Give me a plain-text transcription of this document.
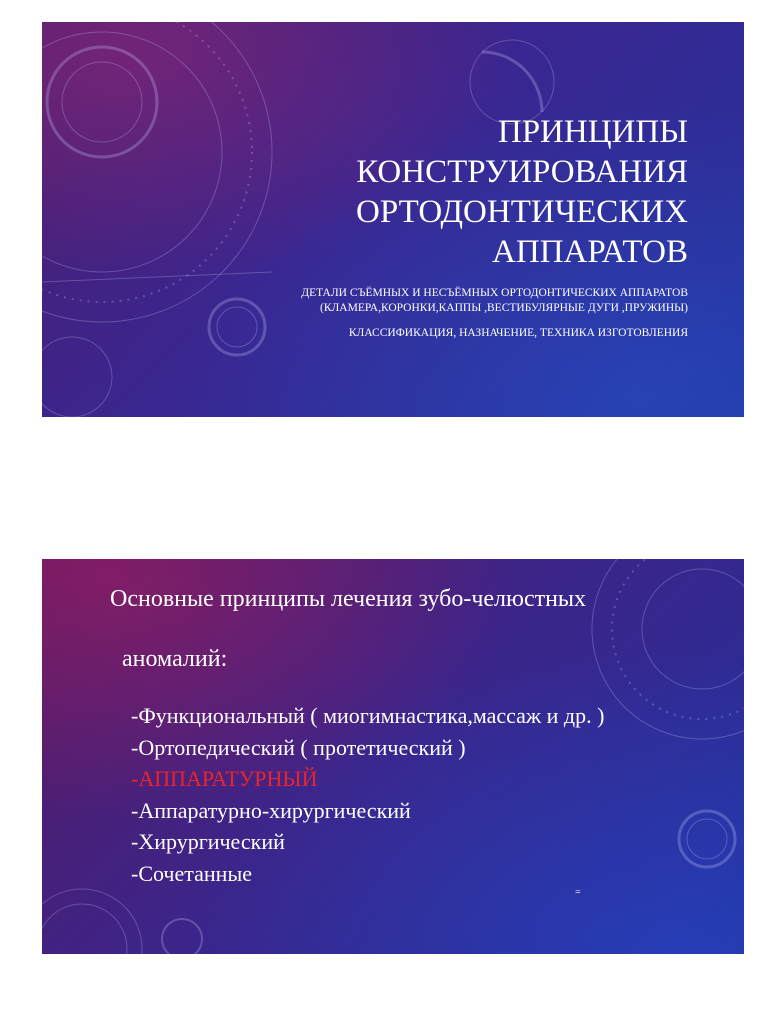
ПРИНЦИПЫ
КОНСТРУИРОВАНИЯ
ОРТОДОНТИЧЕСКИХ
АППАРАТОВ
ДЕТАЛИ СЪЁМНЫХ И НЕСЪЁМНЫХ ОРТОДОНТИЧЕСКИХ АППАРАТОВ (КЛАМЕРА,КОРОНКИ,КАППЫ ,ВЕСТИБУЛЯРНЫЕ ДУГИ ,ПРУЖИНЫ)
КЛАССИФИКАЦИЯ, НАЗНАЧЕНИЕ, ТЕХНИКА ИЗГОТОВЛЕНИЯ
Основные принципы лечения зубо-челюстных
аномалий:
-Функциональный ( миогимнастика,массаж и др. )
-Ортопедический ( протетический )
-АППАРАТУРНЫЙ
-Аппаратурно-хирургический
-Хирургический
-Сочетанные
=
